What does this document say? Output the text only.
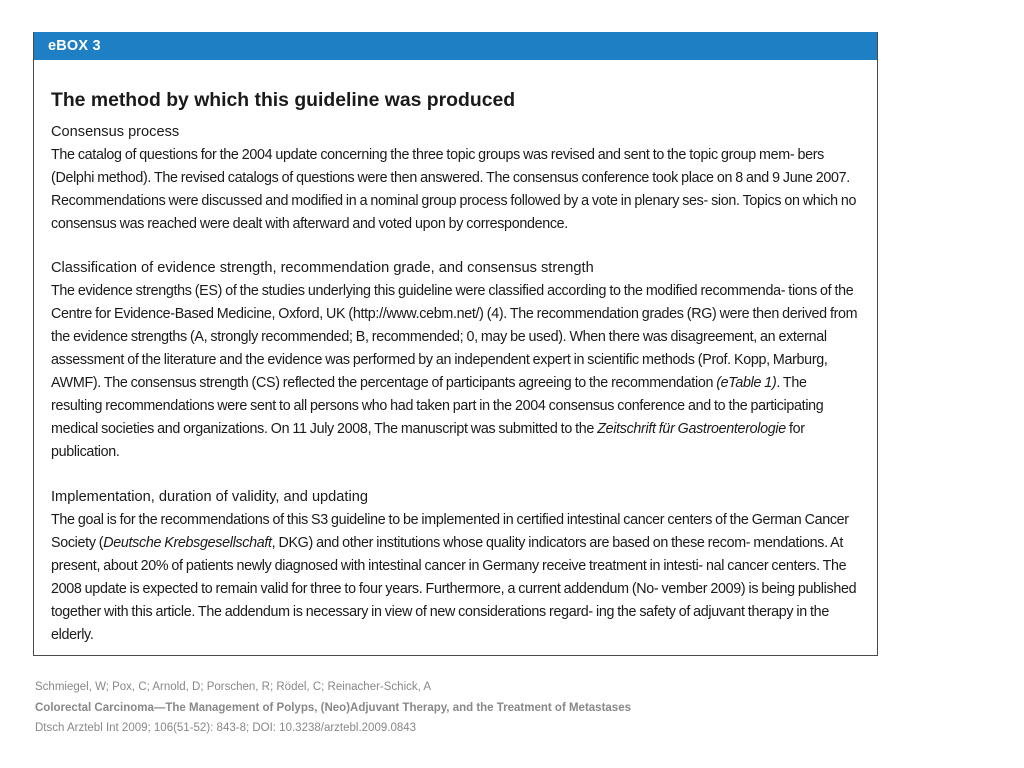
eBOX 3
The method by which this guideline was produced
Consensus process

The catalog of questions for the 2004 update concerning the three topic groups was revised and sent to the topic group mem- bers (Delphi method). The revised catalogs of questions were then answered. The consensus conference took place on 8 and 9 June 2007. Recommendations were discussed and modified in a nominal group process followed by a vote in plenary ses- sion. Topics on which no consensus was reached were dealt with afterward and voted upon by correspondence.

Classification of evidence strength, recommendation grade, and consensus strength

The evidence strengths (ES) of the studies underlying this guideline were classified according to the modified recommenda- tions of the Centre for Evidence-Based Medicine, Oxford, UK (http://www.cebm.net/) (4). The recommendation grades (RG) were then derived from the evidence strengths (A, strongly recommended; B, recommended; 0, may be used). When there was disagreement, an external assessment of the literature and the evidence was performed by an independent expert in scientific methods (Prof. Kopp, Marburg, AWMF). The consensus strength (CS) reflected the percentage of participants agreeing to the recommendation (eTable 1). The resulting recommendations were sent to all persons who had taken part in the 2004 consensus conference and to the participating medical societies and organizations. On 11 July 2008, The manuscript was submitted to the Zeitschrift für Gastroenterologie for publication.

Implementation, duration of validity, and updating

The goal is for the recommendations of this S3 guideline to be implemented in certified intestinal cancer centers of the German Cancer Society (Deutsche Krebsgesellschaft, DKG) and other institutions whose quality indicators are based on these recom- mendations. At present, about 20% of patients newly diagnosed with intestinal cancer in Germany receive treatment in intesti- nal cancer centers. The 2008 update is expected to remain valid for three to four years. Furthermore, a current addendum (No- vember 2009) is being published together with this article. The addendum is necessary in view of new considerations regard- ing the safety of adjuvant therapy in the elderly.

Schmiegel, W; Pox, C; Arnold, D; Porschen, R; Rödel, C; Reinacher-Schick, A
Colorectal Carcinoma—The Management of Polyps, (Neo)Adjuvant Therapy, and the Treatment of Metastases
Dtsch Arztebl Int 2009; 106(51-52): 843-8; DOI: 10.3238/arztebl.2009.0843
